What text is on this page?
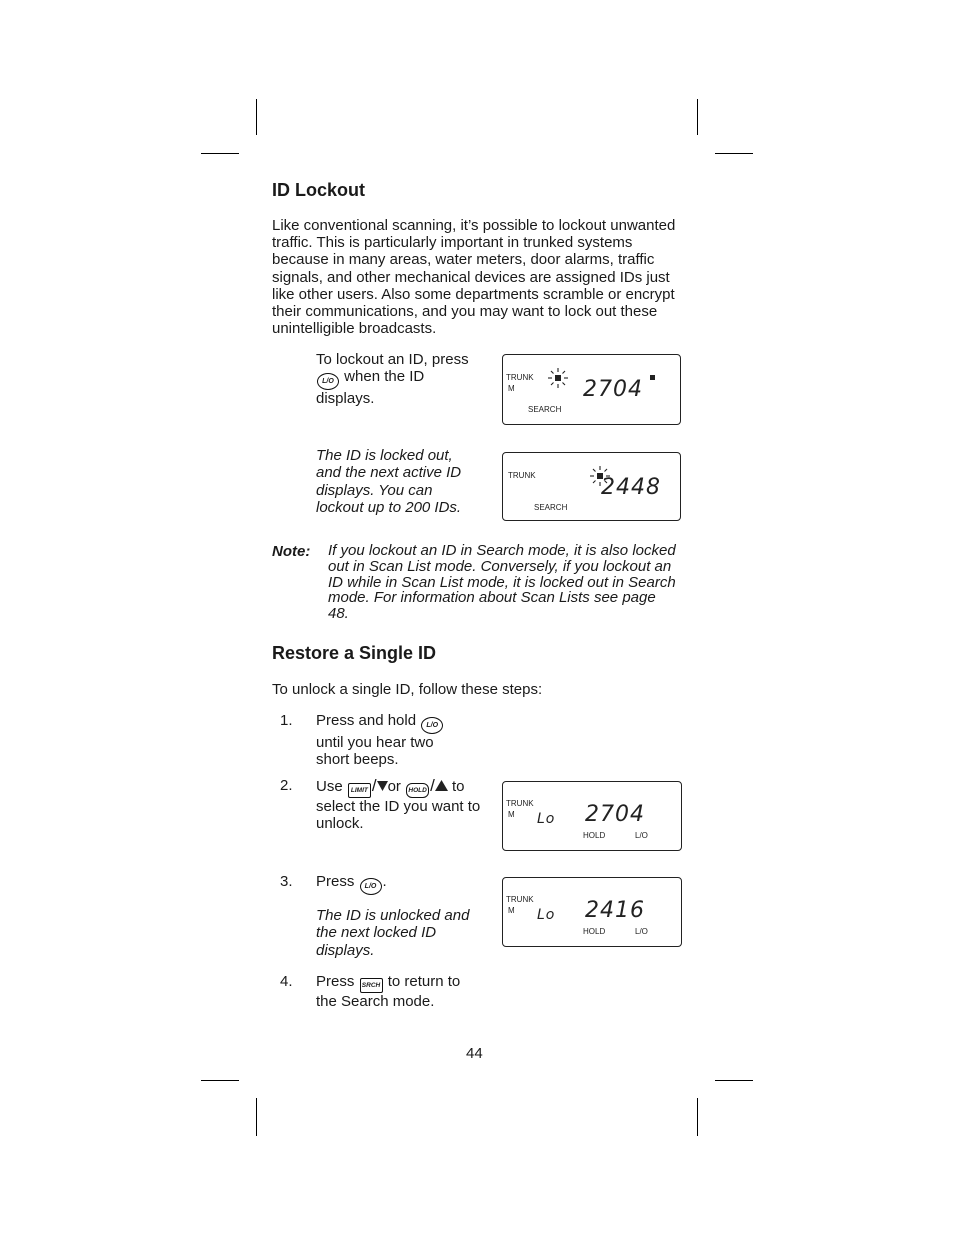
ID Lockout

Like conventional scanning, it’s possible to lockout unwanted traffic. This is particularly important in trunked systems because in many areas, water meters, door alarms, traffic signals, and other mechanical devices are assigned IDs just like other users. Also some departments scramble or encrypt their communications, and you may want to lock out these unintelligible broadcasts.

To lockout an ID, press L/O when the ID displays.
TRUNK
M
SEARCH
2704
The ID is locked out, and the next active ID displays. You can lockout up to 200 IDs.
TRUNK
SEARCH
2448
Note: If you lockout an ID in Search mode, it is also locked out in Scan List mode. Conversely, if you lockout an ID while in Scan List mode, it is locked out in Search mode. For information about Scan Lists see page 48.
Restore a Single ID

To unlock a single ID, follow these steps:

1. Press and hold L/O until you hear two short beeps.
2. Use LIMIT / or HOLD / to select the ID you want to unlock.
TRUNK
M Lo 2704
HOLD	L/O
3. Press L/O .
The ID is unlocked and the next locked ID displays.
TRUNK
M Lo 2416
HOLD	L/O
4. Press SRCH to return to the Search mode.
44
